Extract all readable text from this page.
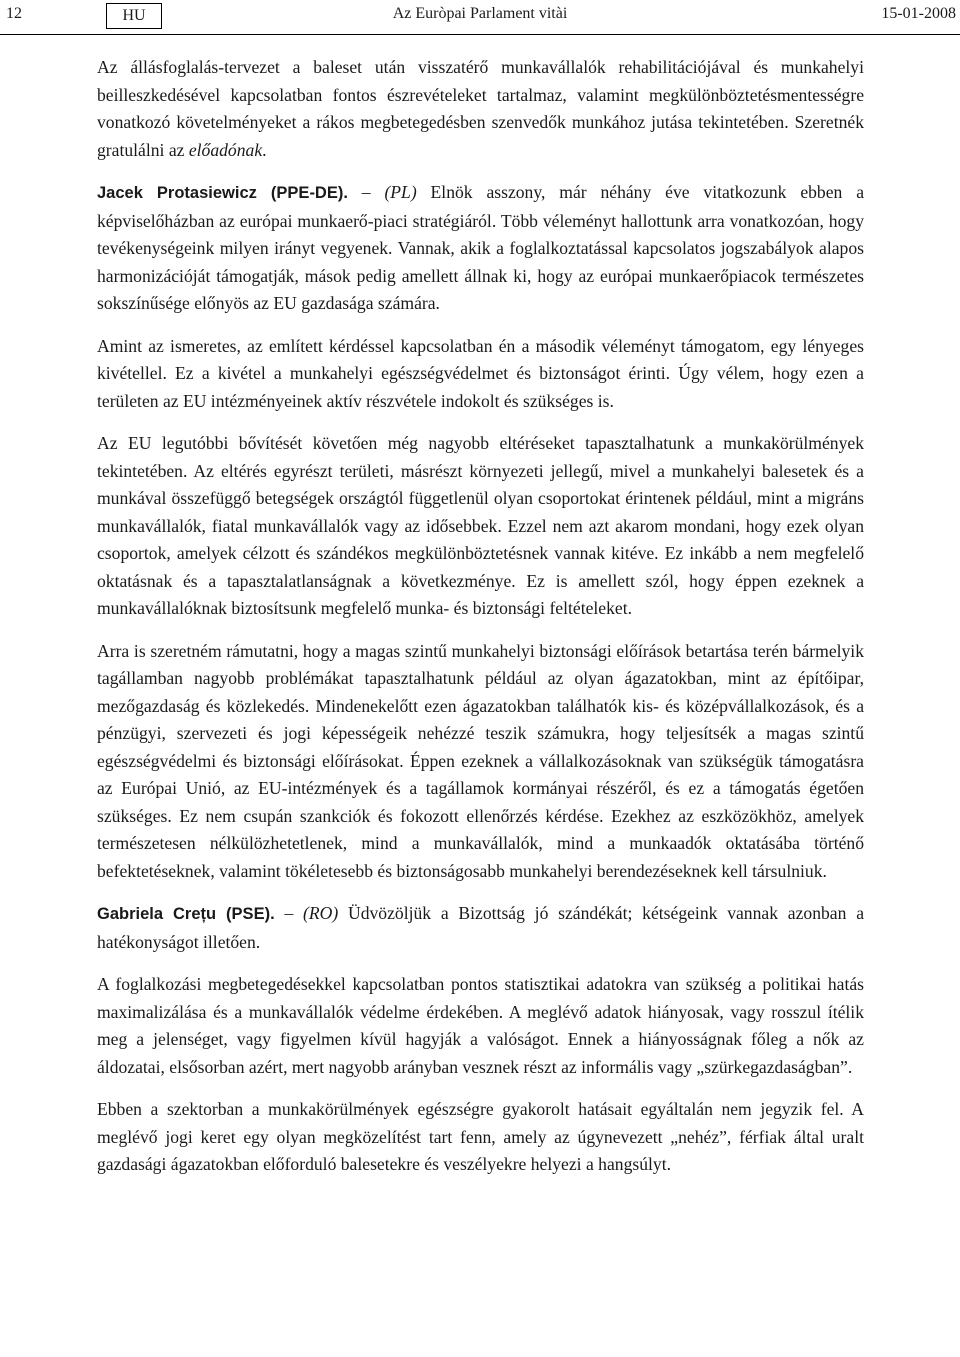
12	HU	Az Euròpai Parlament vitài	15-01-2008

Az állásfoglalás-tervezet a baleset után visszatérő munkavállalók rehabilitációjával és munkahelyi beilleszkedésével kapcsolatban fontos észrevételeket tartalmaz, valamint megkülönböztetésmentességre vonatkozó követelményeket a rákos megbetegedésben szenvedők munkához jutása tekintetében. Szeretnék gratulálni az előadónak.

Jacek Protasiewicz (PPE-DE). – (PL) Elnök asszony, már néhány éve vitatkozunk ebben a képviselőházban az európai munkaerő-piaci stratégiáról. Több véleményt hallottunk arra vonatkozóan, hogy tevékenységeink milyen irányt vegyenek. Vannak, akik a foglalkoztatással kapcsolatos jogszabályok alapos harmonizációját támogatják, mások pedig amellett állnak ki, hogy az európai munkaerőpiacok természetes sokszínűsége előnyös az EU gazdasága számára.

Amint az ismeretes, az említett kérdéssel kapcsolatban én a második véleményt támogatom, egy lényeges kivétellel. Ez a kivétel a munkahelyi egészségvédelmet és biztonságot érinti. Úgy vélem, hogy ezen a területen az EU intézményeinek aktív részvétele indokolt és szükséges is.

Az EU legutóbbi bővítését követően még nagyobb eltéréseket tapasztalhatunk a munkakörülmények tekintetében. Az eltérés egyrészt területi, másrészt környezeti jellegű, mivel a munkahelyi balesetek és a munkával összefüggő betegségek országtól függetlenül olyan csoportokat érintenek például, mint a migráns munkavállalók, fiatal munkavállalók vagy az idősebbek. Ezzel nem azt akarom mondani, hogy ezek olyan csoportok, amelyek célzott és szándékos megkülönböztetésnek vannak kitéve. Ez inkább a nem megfelelő oktatásnak és a tapasztalatlanságnak a következménye. Ez is amellett szól, hogy éppen ezeknek a munkavállalóknak biztosítsunk megfelelő munka- és biztonsági feltételeket.

Arra is szeretném rámutatni, hogy a magas szintű munkahelyi biztonsági előírások betartása terén bármelyik tagállamban nagyobb problémákat tapasztalhatunk például az olyan ágazatokban, mint az építőipar, mezőgazdaság és közlekedés. Mindenekelőtt ezen ágazatokban találhatók kis- és középvállalkozások, és a pénzügyi, szervezeti és jogi képességeik nehézzé teszik számukra, hogy teljesítsék a magas szintű egészségvédelmi és biztonsági előírásokat. Éppen ezeknek a vállalkozásoknak van szükségük támogatásra az Európai Unió, az EU-intézmények és a tagállamok kormányai részéről, és ez a támogatás égetően szükséges. Ez nem csupán szankciók és fokozott ellenőrzés kérdése. Ezekhez az eszközökhöz, amelyek természetesen nélkülözhetetlenek, mind a munkavállalók, mind a munkaadók oktatásába történő befektetéseknek, valamint tökéletesebb és biztonságosabb munkahelyi berendezéseknek kell társulniuk.

Gabriela Crețu (PSE). – (RO) Üdvözöljük a Bizottság jó szándékát; kétségeink vannak azonban a hatékonyságot illetően.

A foglalkozási megbetegedésekkel kapcsolatban pontos statisztikai adatokra van szükség a politikai hatás maximalizálása és a munkavállalók védelme érdekében. A meglévő adatok hiányosak, vagy rosszul ítélik meg a jelenséget, vagy figyelmen kívül hagyják a valóságot. Ennek a hiányosságnak főleg a nők az áldozatai, elsősorban azért, mert nagyobb arányban vesznek részt az informális vagy „szürkegazdaságban”.

Ebben a szektorban a munkakörülmények egészségre gyakorolt hatásait egyáltalán nem jegyzik fel. A meglévő jogi keret egy olyan megközelítést tart fenn, amely az úgynevezett „nehéz”, férfiak által uralt gazdasági ágazatokban előforduló balesetekre és veszélyekre helyezi a hangsúlyt.
